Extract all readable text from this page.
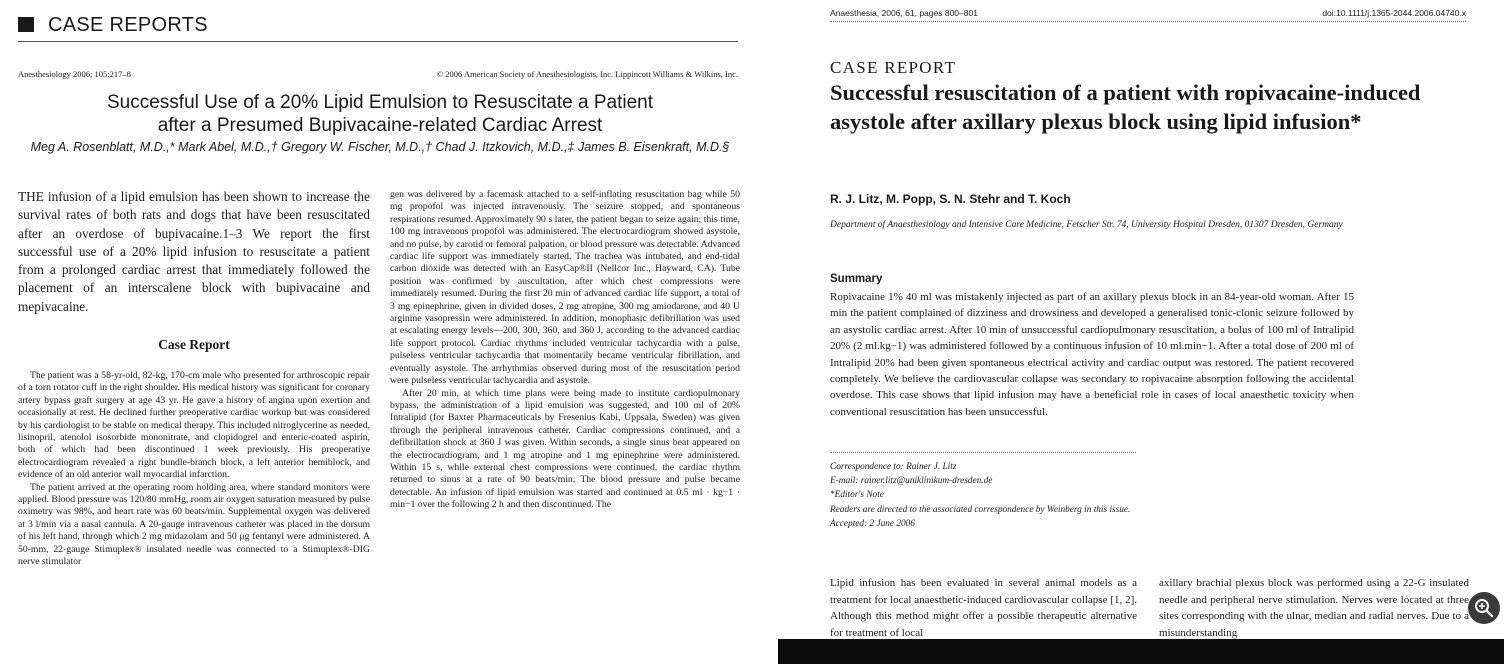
CASE REPORTS
Anesthesiology 2006; 105:217–8	© 2006 American Society of Anesthesiologists, Inc. Lippincott Williams & Wilkins, Inc.
Successful Use of a 20% Lipid Emulsion to Resuscitate a Patient
after a Presumed Bupivacaine-related Cardiac Arrest
Meg A. Rosenblatt, M.D.,* Mark Abel, M.D.,† Gregory W. Fischer, M.D.,† Chad J. Itzkovich, M.D.,‡ James B. Eisenkraft, M.D.§
THE infusion of a lipid emulsion has been shown to increase the survival rates of both rats and dogs that have been resuscitated after an overdose of bupivacaine.1–3 We report the first successful use of a 20% lipid infusion to resuscitate a patient from a prolonged cardiac arrest that immediately followed the placement of an interscalene block with bupivacaine and mepivacaine.
Case Report

The patient was a 58-yr-old, 82-kg, 170-cm male who presented for arthroscopic repair of a torn rotator cuff in the right shoulder. His medical history was significant for coronary artery bypass graft surgery at age 43 yr. He gave a history of angina upon exertion and occasionally at rest. He declined further preoperative cardiac workup but was considered by his cardiologist to be stable on medical therapy. This included nitroglycerine as needed, lisinopril, atenolol isosorbide mononitrate, and clopidogrel and enteric-coated aspirin, both of which had been discontinued 1 week previously. His preoperative electrocardiogram revealed a right bundle-branch block, a left anterior hemiblock, and evidence of an old anterior wall myocardial infarction.

The patient arrived at the operating room holding area, where standard monitors were applied. Blood pressure was 120/80 mmHg, room air oxygen saturation measured by pulse oximetry was 98%, and heart rate was 60 beats/min. Supplemental oxygen was delivered at 3 l/min via a nasal cannula. A 20-gauge intravenous catheter was placed in the dorsum of his left hand, through which 2 mg midazolam and 50 μg fentanyl were administered. A 50-mm, 22-gauge Stimuplex® insulated needle was connected to a Stimuplex®-DIG nerve stimulator

gen was delivered by a facemask attached to a self-inflating resuscitation bag while 50 mg propofol was injected intravenously. The seizure stopped, and spontaneous respirations resumed. Approximately 90 s later, the patient began to seize again; this time, 100 mg intravenous propofol was administered. The electrocardiogram showed asystole, and no pulse, by carotid or femoral palpation, or blood pressure was detectable. Advanced cardiac life support was immediately started. The trachea was intubated, and end-tidal carbon dioxide was detected with an EasyCap®II (Nellcor Inc., Hayward, CA). Tube position was confirmed by auscultation, after which chest compressions were immediately resumed. During the first 20 min of advanced cardiac life support, a total of 3 mg epinephrine, given in divided doses, 2 mg atropine, 300 mg amiodarone, and 40 U arginine vasopressin were administered. In addition, monophasic defibrillation was used at escalating energy levels—200, 300, 360, and 360 J, according to the advanced cardiac life support protocol. Cardiac rhythms included ventricular tachycardia with a pulse, pulseless ventricular tachycardia that momentarily became ventricular fibrillation, and eventually asystole. The arrhythmias observed during most of the resuscitation period were pulseless ventricular tachycardia and asystole.

After 20 min, at which time plans were being made to institute cardiopulmonary bypass, the administration of a lipid emulsion was suggested, and 100 ml of 20% Intralipid (for Baxter Pharmaceuticals by Fresenius Kabi, Uppsala, Sweden) was given through the peripheral intravenous catheter. Cardiac compressions continued, and a defibrillation shock at 360 J was given. Within seconds, a single sinus beat appeared on the electrocardiogram, and 1 mg atropine and 1 mg epinephrine were administered. Within 15 s, while external chest compressions were continued, the cardiac rhythm returned to sinus at a rate of 90 beats/min. The blood pressure and pulse became detectable. An infusion of lipid emulsion was started and continued at 0.5 ml · kg−1 · min−1 over the following 2 h and then discontinued. The

Anaesthesia, 2006, 61, pages 800–801	doi:10.1111/j.1365-2044.2006.04740.x
CASE REPORT
Successful resuscitation of a patient with ropivacaine-induced asystole after axillary plexus block using lipid infusion*
R. J. Litz, M. Popp, S. N. Stehr and T. Koch
Department of Anaesthesiology and Intensive Care Medicine, Fetscher Str. 74, University Hospital Dresden, 01307 Dresden, Germany
Summary
Ropivacaine 1% 40 ml was mistakenly injected as part of an axillary plexus block in an 84-year-old woman. After 15 min the patient complained of dizziness and drowsiness and developed a generalised tonic-clonic seizure followed by an asystolic cardiac arrest. After 10 min of unsuccessful cardiopulmonary resuscitation, a bolus of 100 ml of Intralipid 20% (2 ml.kg−1) was administered followed by a continuous infusion of 10 ml.min−1. After a total dose of 200 ml of Intralipid 20% had been given spontaneous electrical activity and cardiac output was restored. The patient recovered completely. We believe the cardiovascular collapse was secondary to ropivacaine absorption following the accidental overdose. This case shows that lipid infusion may have a beneficial role in cases of local anaesthetic toxicity when conventional resuscitation has been unsuccessful.
Correspondence to: Rainer J. Litz
E-mail: rainer.litz@uniklinikum-dresden.de
*Editor's Note
Readers are directed to the associated correspondence by Weinberg in this issue.
Accepted: 2 June 2006
Lipid infusion has been evaluated in several animal models as a treatment for local anaesthetic-induced cardiovascular collapse [1, 2]. Although this method might offer a possible therapeutic alternative for treatment of local
axillary brachial plexus block was performed using a 22-G insulated needle and peripheral nerve stimulation. Nerves were located at three sites corresponding with the ulnar, median and radial nerves. Due to a misunderstanding
